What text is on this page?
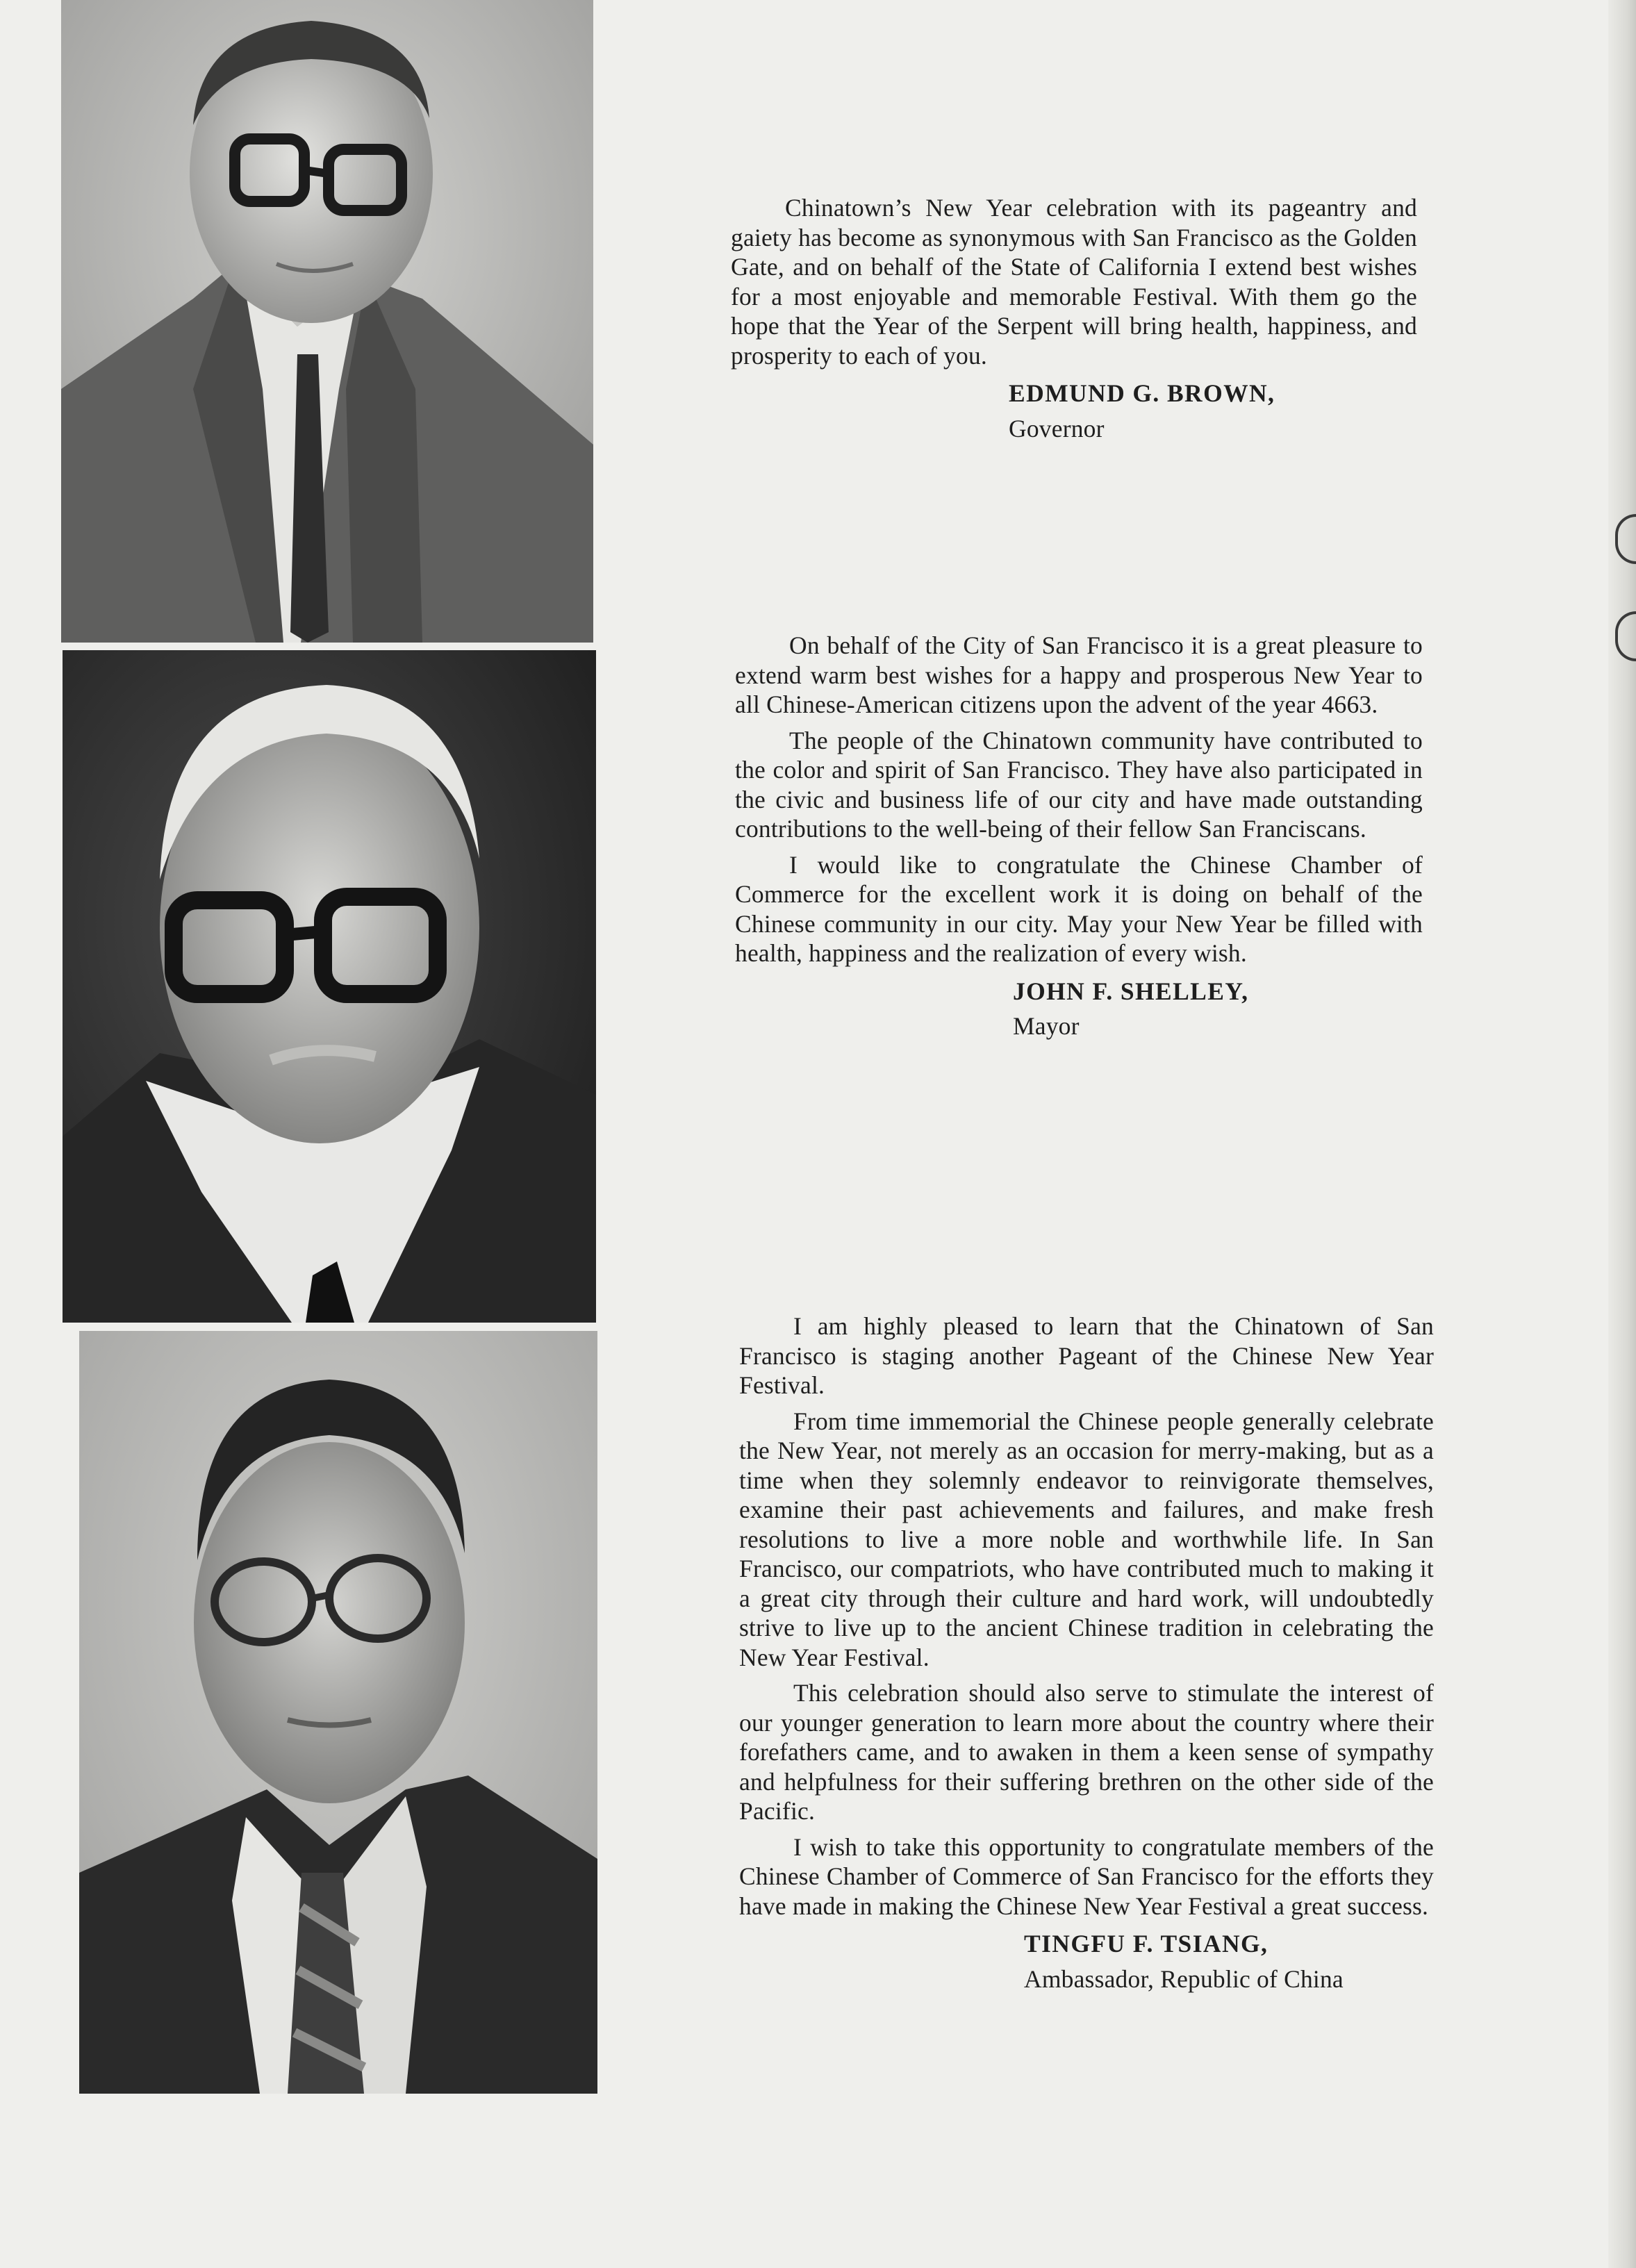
Chinatown’s New Year celebration with its pageantry and gaiety has become as synonymous with San Francisco as the Golden Gate, and on behalf of the State of California I extend best wishes for a most enjoyable and memorable Festival. With them go the hope that the Year of the Serpent will bring health, happiness, and prosperity to each of you.

EDMUND G. BROWN,
Governor

On behalf of the City of San Francisco it is a great pleasure to extend warm best wishes for a happy and prosperous New Year to all Chinese-American citizens upon the advent of the year 4663.

The people of the Chinatown community have contributed to the color and spirit of San Francisco. They have also participated in the civic and business life of our city and have made outstanding contributions to the well-being of their fellow San Franciscans.

I would like to congratulate the Chinese Chamber of Commerce for the excellent work it is doing on behalf of the Chinese community in our city. May your New Year be filled with health, happiness and the realization of every wish.

JOHN F. SHELLEY,
Mayor

I am highly pleased to learn that the Chinatown of San Francisco is staging another Pageant of the Chinese New Year Festival.

From time immemorial the Chinese people generally celebrate the New Year, not merely as an occasion for merry-making, but as a time when they solemnly endeavor to reinvigorate themselves, examine their past achievements and failures, and make fresh resolutions to live a more noble and worthwhile life. In San Francisco, our compatriots, who have contributed much to making it a great city through their culture and hard work, will undoubtedly strive to live up to the ancient Chinese tradition in celebrating the New Year Festival.

This celebration should also serve to stimulate the interest of our younger generation to learn more about the country where their forefathers came, and to awaken in them a keen sense of sympathy and helpfulness for their suffering brethren on the other side of the Pacific.

I wish to take this opportunity to congratulate members of the Chinese Chamber of Commerce of San Francisco for the efforts they have made in making the Chinese New Year Festival a great success.

TINGFU F. TSIANG,
Ambassador, Republic of China
